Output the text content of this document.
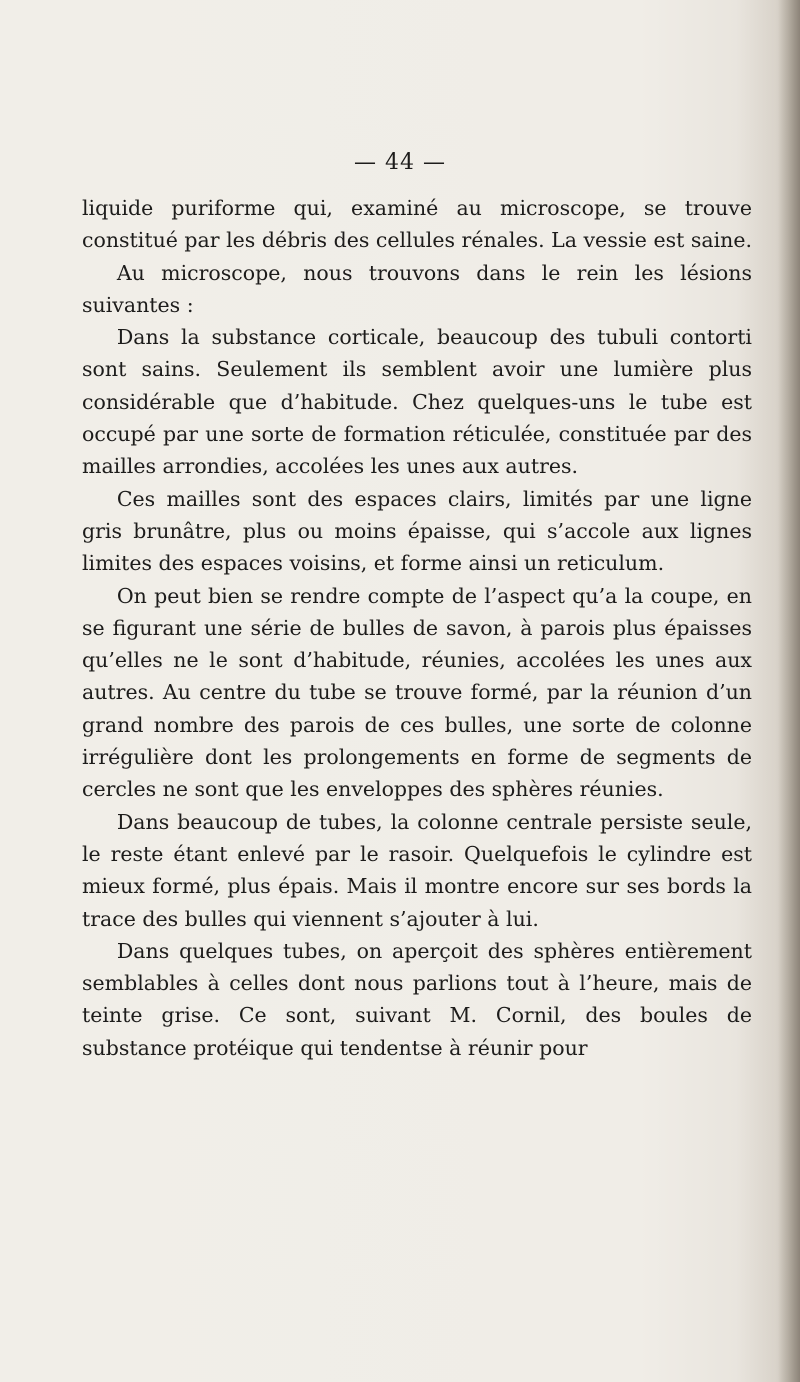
— 44 —

liquide puriforme qui, examiné au microscope, se trouve constitué par les débris des cellules rénales. La vessie est saine.

Au microscope, nous trouvons dans le rein les lésions suivantes :

Dans la substance corticale, beaucoup des tubuli contorti sont sains. Seulement ils semblent avoir une lumière plus considérable que d’habitude. Chez quelques-uns le tube est occupé par une sorte de formation réticulée, constituée par des mailles arrondies, accolées les unes aux autres.

Ces mailles sont des espaces clairs, limités par une ligne gris brunâtre, plus ou moins épaisse, qui s’accole aux lignes limites des espaces voisins, et forme ainsi un reticulum.

On peut bien se rendre compte de l’aspect qu’a la coupe, en se figurant une série de bulles de savon, à parois plus épaisses qu’elles ne le sont d’habitude, réunies, accolées les unes aux autres. Au centre du tube se trouve formé, par la réunion d’un grand nombre des parois de ces bulles, une sorte de colonne irrégulière dont les prolongements en forme de segments de cercles ne sont que les enveloppes des sphères réunies.

Dans beaucoup de tubes, la colonne centrale persiste seule, le reste étant enlevé par le rasoir. Quelquefois le cylindre est mieux formé, plus épais. Mais il montre encore sur ses bords la trace des bulles qui viennent s’ajouter à lui.

Dans quelques tubes, on aperçoit des sphères entièrement semblables à celles dont nous parlions tout à l’heure, mais de teinte grise. Ce sont, suivant M. Cornil, des boules de substance protéique qui tendentse à réunir pour
